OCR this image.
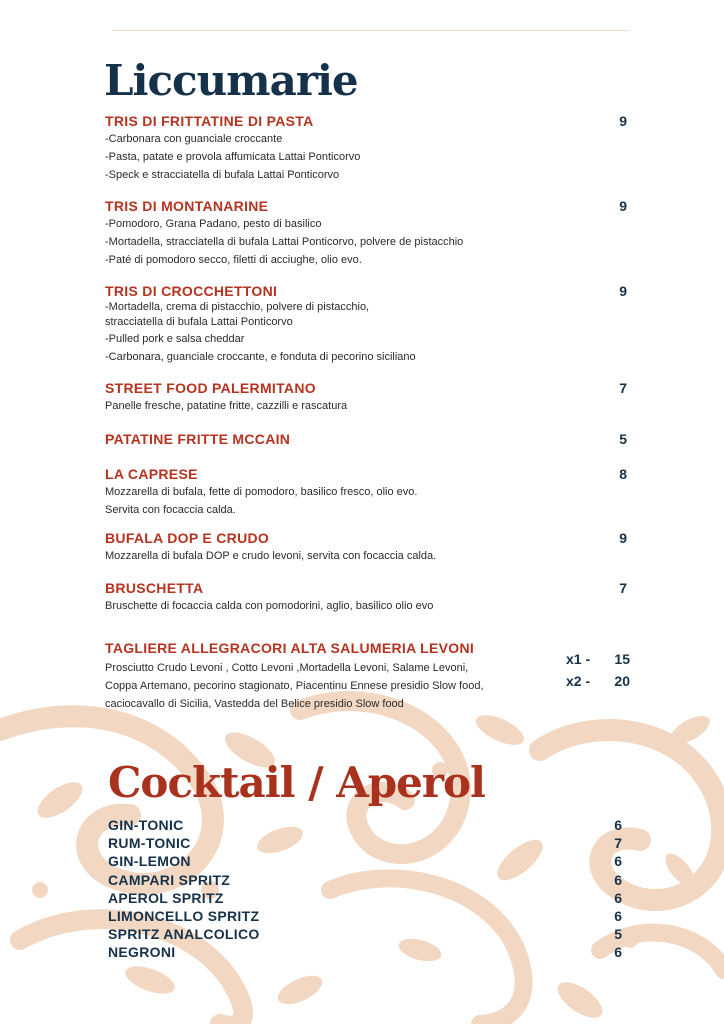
Liccumarie
TRIS DI FRITTATINE DI PASTA	9
-Carbonara con guanciale croccante
-Pasta, patate e provola affumicata Lattai Ponticorvo
-Speck e stracciatella di bufala Lattai Ponticorvo
TRIS DI MONTANARINE	9
-Pomodoro, Grana Padano, pesto di basilico
-Mortadella, stracciatella di bufala Lattai Ponticorvo, polvere de pistacchio
-Paté di pomodoro secco, filetti di acciughe, olio evo.
TRIS DI CROCCHETTONI	9
-Mortadella, crema di pistacchio, polvere di pistacchio,
stracciatella di bufala Lattai Ponticorvo
-Pulled pork e salsa cheddar
-Carbonara, guanciale croccante, e fonduta di pecorino siciliano
STREET FOOD PALERMITANO	7
Panelle fresche, patatine fritte, cazzilli e rascatura
PATATINE FRITTE MCCAIN	5
LA CAPRESE	8
Mozzarella di bufala, fette di pomodoro, basilico fresco, olio evo.
Servita con focaccia calda.
BUFALA DOP E CRUDO	9
Mozzarella di bufala DOP e crudo levoni, servita con focaccia calda.
BRUSCHETTA	7
Bruschette di focaccia calda con pomodorini, aglio, basilico olio evo
TAGLIERE ALLEGRACORI ALTA SALUMERIA LEVONI
Prosciutto Crudo Levoni , Cotto Levoni ,Mortadella Levoni, Salame Levoni,
Coppa Artemano, pecorino stagionato, Piacentinu Ennese presidio Slow food,
caciocavallo di Sicilia, Vastedda del Belice presidio Slow food
x1 - 15
x2 - 20
Cocktail / Aperol
GIN-TONIC	6
RUM-TONIC	7
GIN-LEMON	6
CAMPARI SPRITZ	6
APEROL SPRITZ	6
LIMONCELLO SPRITZ	6
SPRITZ ANALCOLICO	5
NEGRONI	6
